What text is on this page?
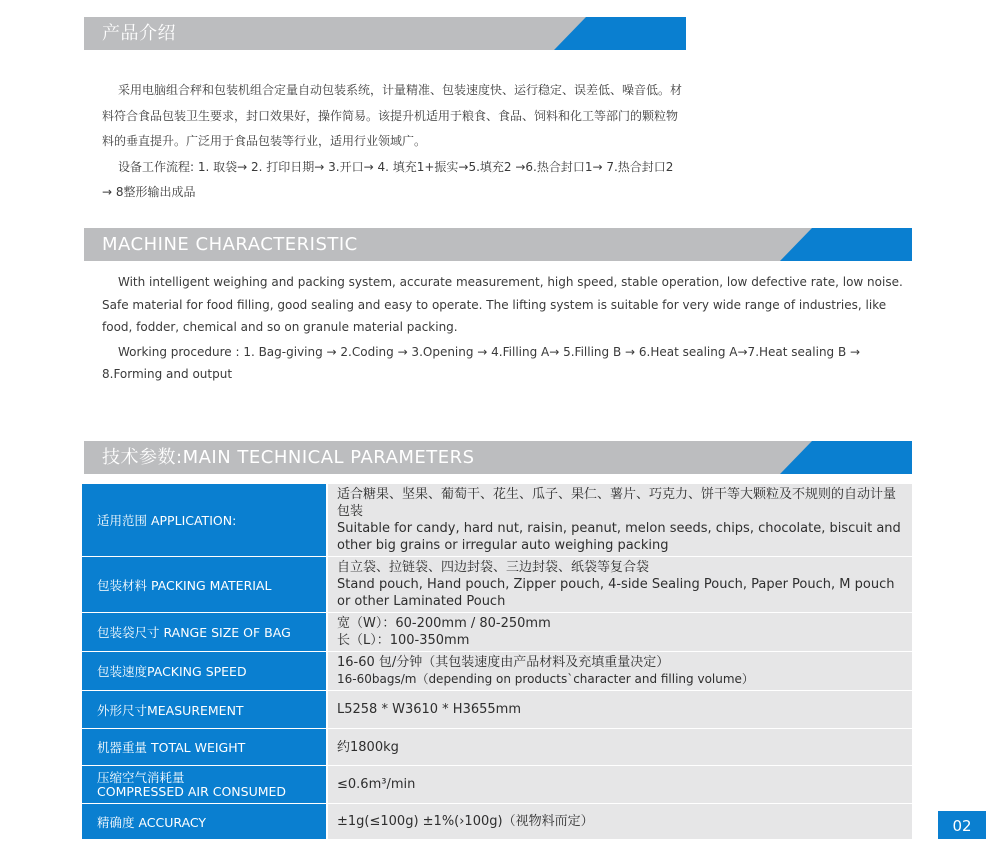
产品介绍

采用电脑组合秤和包装机组合定量自动包装系统，计量精准、包装速度快、运行稳定、误差低、噪音低。材料符合食品包装卫生要求，封口效果好，操作简易。该提升机适用于粮食、食品、饲料和化工等部门的颗粒物料的垂直提升。广泛用于食品包装等行业，适用行业领域广。

设备工作流程: 1. 取袋→ 2. 打印日期→ 3.开口→ 4. 填充1+振实→5.填充2 →6.热合封口1→ 7.热合封口2 → 8整形输出成品

MACHINE CHARACTERISTIC

With intelligent weighing and packing system, accurate measurement, high speed, stable operation, low defective rate, low noise. Safe material for food filling, good sealing and easy to operate. The lifting system is suitable for very wide range of industries, like food, fodder, chemical and so on granule material packing.

Working procedure : 1. Bag-giving → 2.Coding → 3.Opening → 4.Filling A→ 5.Filling B → 6.Heat sealing A→7.Heat sealing B → 8.Forming and output

技术参数:MAIN TECHNICAL PARAMETERS
适用范围 APPLICATION:	适合糖果、坚果、葡萄干、花生、瓜子、果仁、薯片、巧克力、饼干等大颗粒及不规则的自动计量包装
Suitable for candy, hard nut, raisin, peanut, melon seeds, chips, chocolate, biscuit and other big grains or irregular auto weighing packing

包装材料 PACKING MATERIAL	自立袋、拉链袋、四边封袋、三边封袋、纸袋等复合袋
Stand pouch, Hand pouch, Zipper pouch, 4-side Sealing Pouch, Paper Pouch, M pouch or other Laminated Pouch

包装袋尺寸 RANGE SIZE OF BAG	宽（W）：60-200mm / 80-250mm
长（L）：100-350mm

包装速度PACKING SPEED	16-60 包/分钟（其包装速度由产品材料及充填重量决定）
16-60bags/m（depending on products`character and filling volume）

外形尺寸MEASUREMENT	L5258 * W3610 * H3655mm
机器重量 TOTAL WEIGHT	约1800kg

压缩空气消耗量
COMPRESSED AIR CONSUMED	≤0.6m³/min
精确度 ACCURACY	±1g(≤100g) ±1%(›100g)（视物料而定）	02
